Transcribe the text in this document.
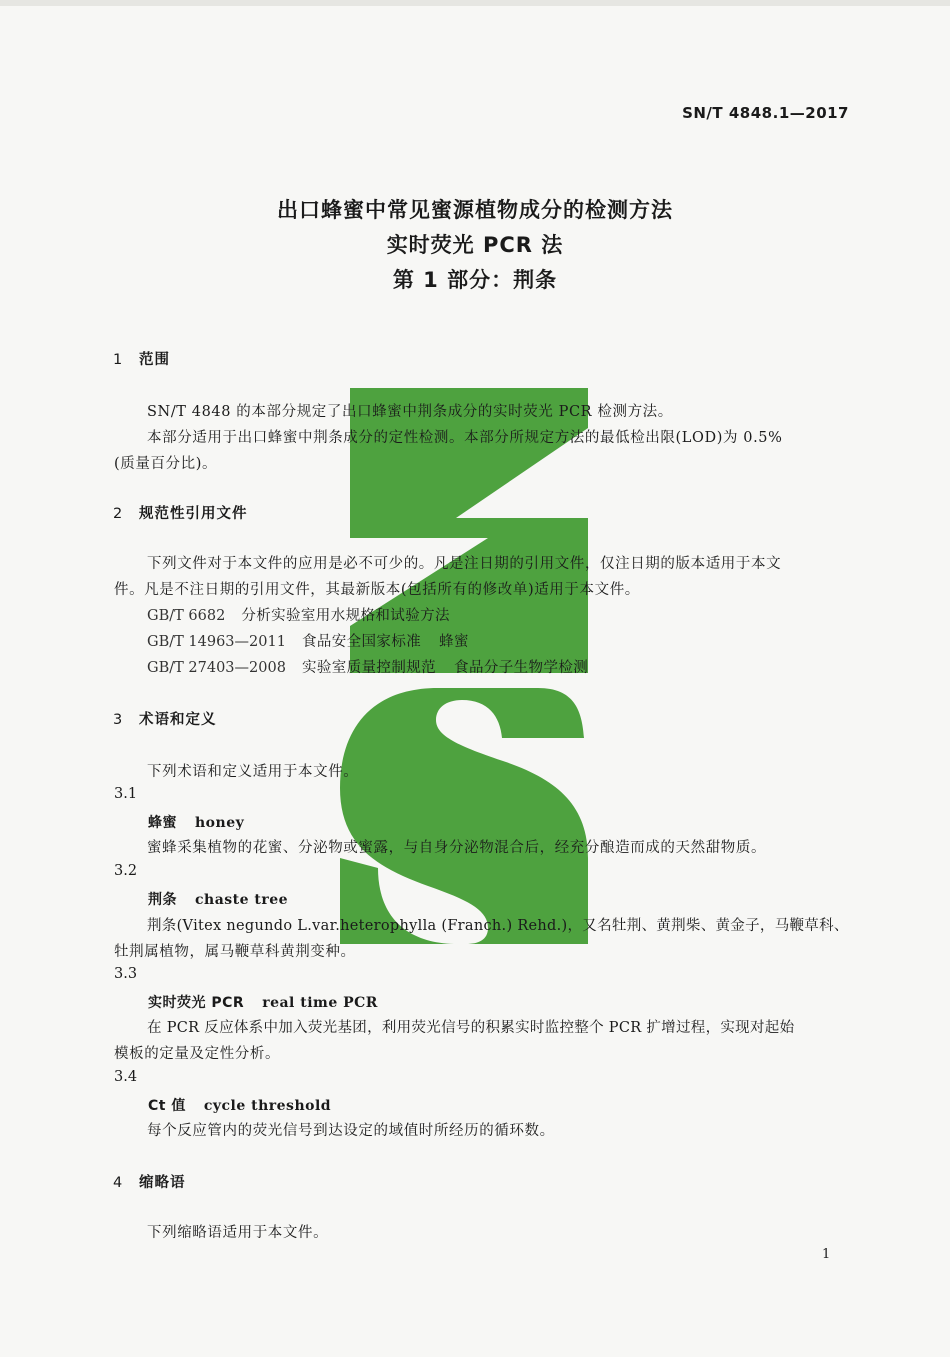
SN/T 4848.1—2017
出口蜂蜜中常见蜜源植物成分的检测方法
实时荧光 PCR 法
第 1 部分：荆条
1 范围
SN/T 4848 的本部分规定了出口蜂蜜中荆条成分的实时荧光 PCR 检测方法。
本部分适用于出口蜂蜜中荆条成分的定性检测。本部分所规定方法的最低检出限(LOD)为 0.5%
(质量百分比)。
2 规范性引用文件
下列文件对于本文件的应用是必不可少的。凡是注日期的引用文件，仅注日期的版本适用于本文
件。凡是不注日期的引用文件，其最新版本(包括所有的修改单)适用于本文件。
GB/T 6682 分析实验室用水规格和试验方法
GB/T 14963—2011 食品安全国家标准 蜂蜜
GB/T 27403—2008 实验室质量控制规范 食品分子生物学检测
3 术语和定义
下列术语和定义适用于本文件。
3.1
蜂蜜 honey
蜜蜂采集植物的花蜜、分泌物或蜜露，与自身分泌物混合后，经充分酿造而成的天然甜物质。
3.2
荆条 chaste tree
荆条(Vitex negundo L.var.heterophylla (Franch.) Rehd.)，又名牡荆、黄荆柴、黄金子，马鞭草科、
牡荆属植物，属马鞭草科黄荆变种。
3.3
实时荧光 PCR real time PCR
在 PCR 反应体系中加入荧光基团，利用荧光信号的积累实时监控整个 PCR 扩增过程，实现对起始
模板的定量及定性分析。
3.4
Ct 值 cycle threshold
每个反应管内的荧光信号到达设定的域值时所经历的循环数。
4 缩略语
下列缩略语适用于本文件。
1
